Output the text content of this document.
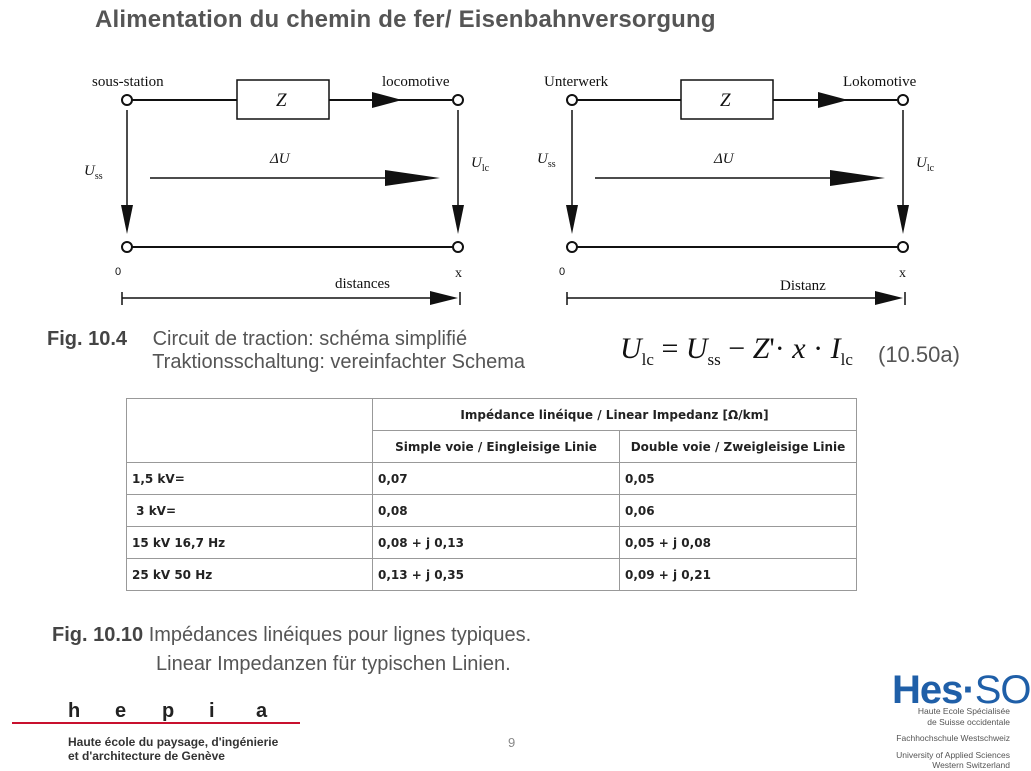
Alimentation du chemin de fer/ Eisenbahnversorgung
sous-station	locomotive
Z
ΔU
$U_{ss}$
$U_{lc}$
0	x
distances
Unterwerk	Lokomotive
Z
ΔU
$U_{ss}$	$U_{lc}$
0	x
Distanz
Fig. 10.4 Circuit de traction: schéma simplifié
Traktionsschaltung: vereinfachter Schema	$U_{lc} = U_{ss} - Z'\cdot x \cdot I_{lc}$ (10.50a)
	Impédance linéique / Linear Impedanz [Ω/km]	
	Simple voie / Eingleisige Linie	Double voie / Zweigleisige Linie
1,5 kV=	0,07	0,05
3 kV=	0,08	0,06
15 kV 16,7 Hz	0,08 + j 0,13	0,05 + j 0,08
25 kV 50 Hz	0,13 + j 0,35	0,09 + j 0,21
Fig. 10.10 Impédances linéiques pour lignes typiques.
Linear Impedanzen für typischen Linien.
h e p i a
Haute école du paysage, d'ingénierie
et d'architecture de Genève
9
Hes·SO
Haute Ecole Spécialisée
de Suisse occidentale
Fachhochschule Westschweiz
University of Applied Sciences
Western Switzerland
